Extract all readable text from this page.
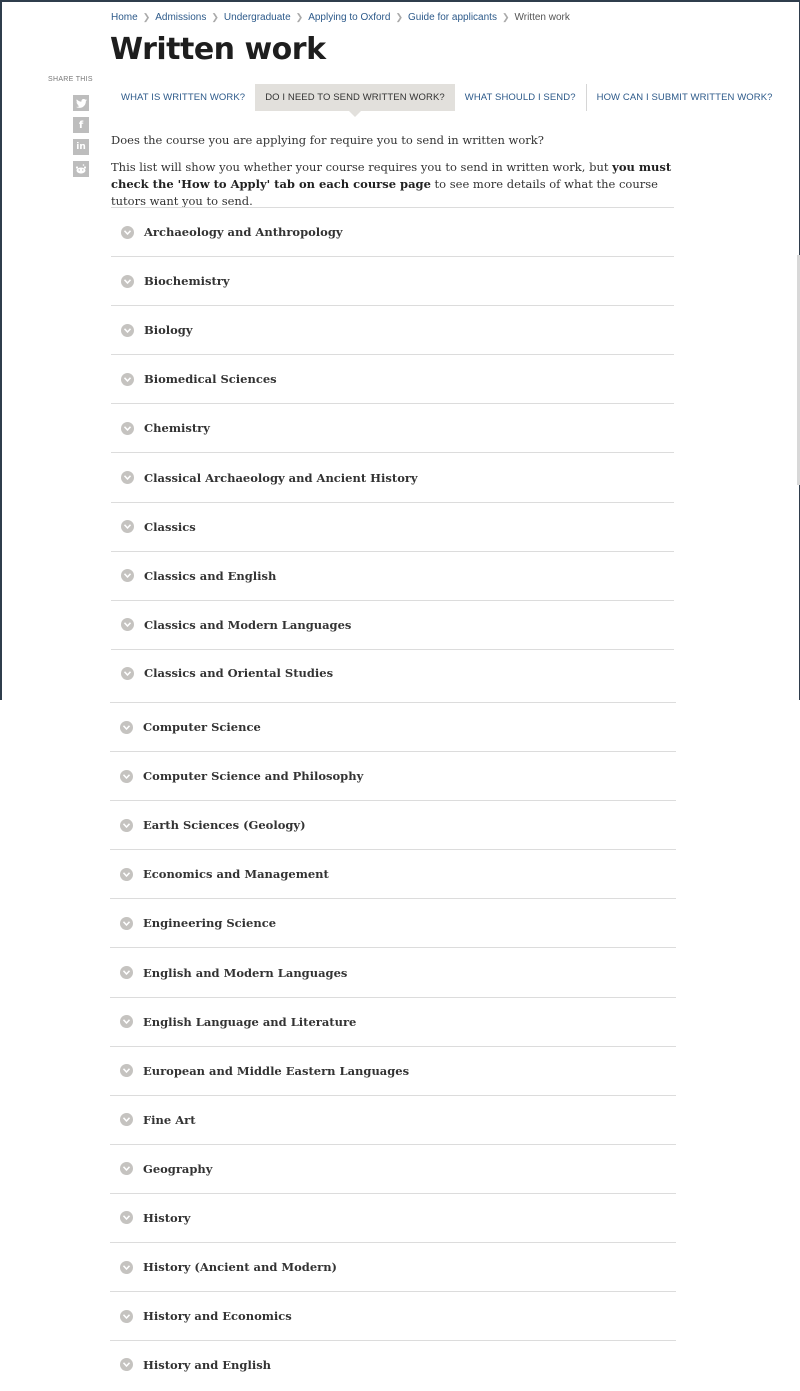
Home ❯ Admissions ❯ Undergraduate ❯ Applying to Oxford ❯ Guide for applicants ❯ Written work
Written work
SHARE THIS
f
in
WHAT IS WRITTEN WORK?	DO I NEED TO SEND WRITTEN WORK?	WHAT SHOULD I SEND?	HOW CAN I SUBMIT WRITTEN WORK?

Does the course you are applying for require you to send in written work?

This list will show you whether your course requires you to send in written work, but you must check the 'How to Apply' tab on each course page to see more details of what the course tutors want you to send.

Archaeology and Anthropology
Biochemistry
Biology
Biomedical Sciences
Chemistry
Classical Archaeology and Ancient History
Classics
Classics and English
Classics and Modern Languages
Classics and Oriental Studies
Computer Science
Computer Science and Philosophy
Earth Sciences (Geology)
Economics and Management
Engineering Science
English and Modern Languages
English Language and Literature
European and Middle Eastern Languages
Fine Art
Geography
History
History (Ancient and Modern)
History and Economics
History and English
